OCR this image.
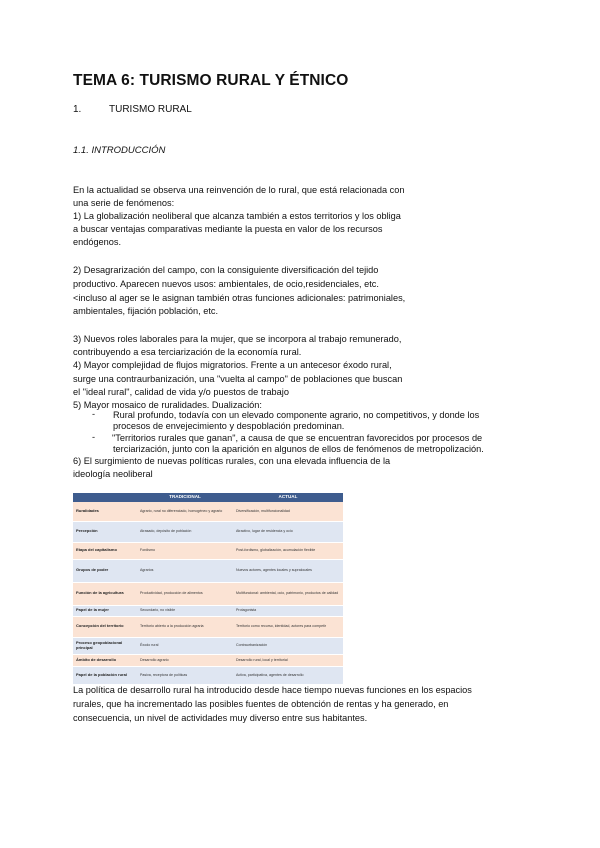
TEMA 6: TURISMO RURAL Y ÉTNICO
1.	TURISMO RURAL
1.1. INTRODUCCIÓN
En la actualidad se observa una reinvención de lo rural, que está relacionada con
una serie de fenómenos:
1) La globalización neoliberal que alcanza también a estos territorios y los obliga
a buscar ventajas comparativas mediante la puesta en valor de los recursos
endógenos.
2) Desagrarización del campo, con la consiguiente diversificación del tejido
productivo. Aparecen nuevos usos: ambientales, de ocio,residenciales, etc.
<incluso al ager se le asignan también otras funciones adicionales: patrimoniales,
ambientales, fijación población, etc.
3) Nuevos roles laborales para la mujer, que se incorpora al trabajo remunerado,
contribuyendo a esa terciarización de la economía rural.
4) Mayor complejidad de flujos migratorios. Frente a un antecesor éxodo rural,
surge una contraurbanización, una "vuelta al campo" de poblaciones que buscan
el "ideal rural", calidad de vida y/o puestos de trabajo
5) Mayor mosaico de ruralidades. Dualización:
- Rural profundo, todavía con un elevado componente agrario, no competitivos, y donde los
procesos de envejecimiento y despoblación predominan.
- "Territorios rurales que ganan", a causa de que se encuentran favorecidos por procesos de
terciarización, junto con la aparición en algunos de ellos de fenómenos de metropolización.
6) El surgimiento de nuevas políticas rurales, con una elevada influencia de la
ideología neoliberal
	TRADICIONAL	ACTUAL
Ruralidades	Agrario, rural no diferenciado, homogéneo y agrario	Diversificación, multifuncionalidad
Percepción	Atrasado, depósito de población	Atractivo, lugar de residencia y ocio
Etapa del capitalismo	Fordismo	Post-fordismo, globalización, acumulación flexible
Grupos de poder	Agrarios	Nuevos actores, agentes locales y supralocales
Función de la agricultura	Productividad, producción de alimentos	Multifuncional: ambiental, ocio, patrimonio, productos de calidad
Papel de la mujer	Secundario, no visible	Protagonista
Concepción del territorio	Territorio abierto a la producción agraria	Territorio como recurso, identidad, actores para competir
Proceso geopoblacional principal	Éxodo rural	Contraurbanización
Ámbito de desarrollo	Desarrollo agrario	Desarrollo rural, local y territorial
Papel de la población rural	Pasiva, receptora de políticas	Activa, participativa, agentes de desarrollo
La política de desarrollo rural ha introducido desde hace tiempo nuevas funciones en los espacios
rurales, que ha incrementado las posibles fuentes de obtención de rentas y ha generado, en
consecuencia, un nivel de actividades muy diverso entre sus habitantes.
